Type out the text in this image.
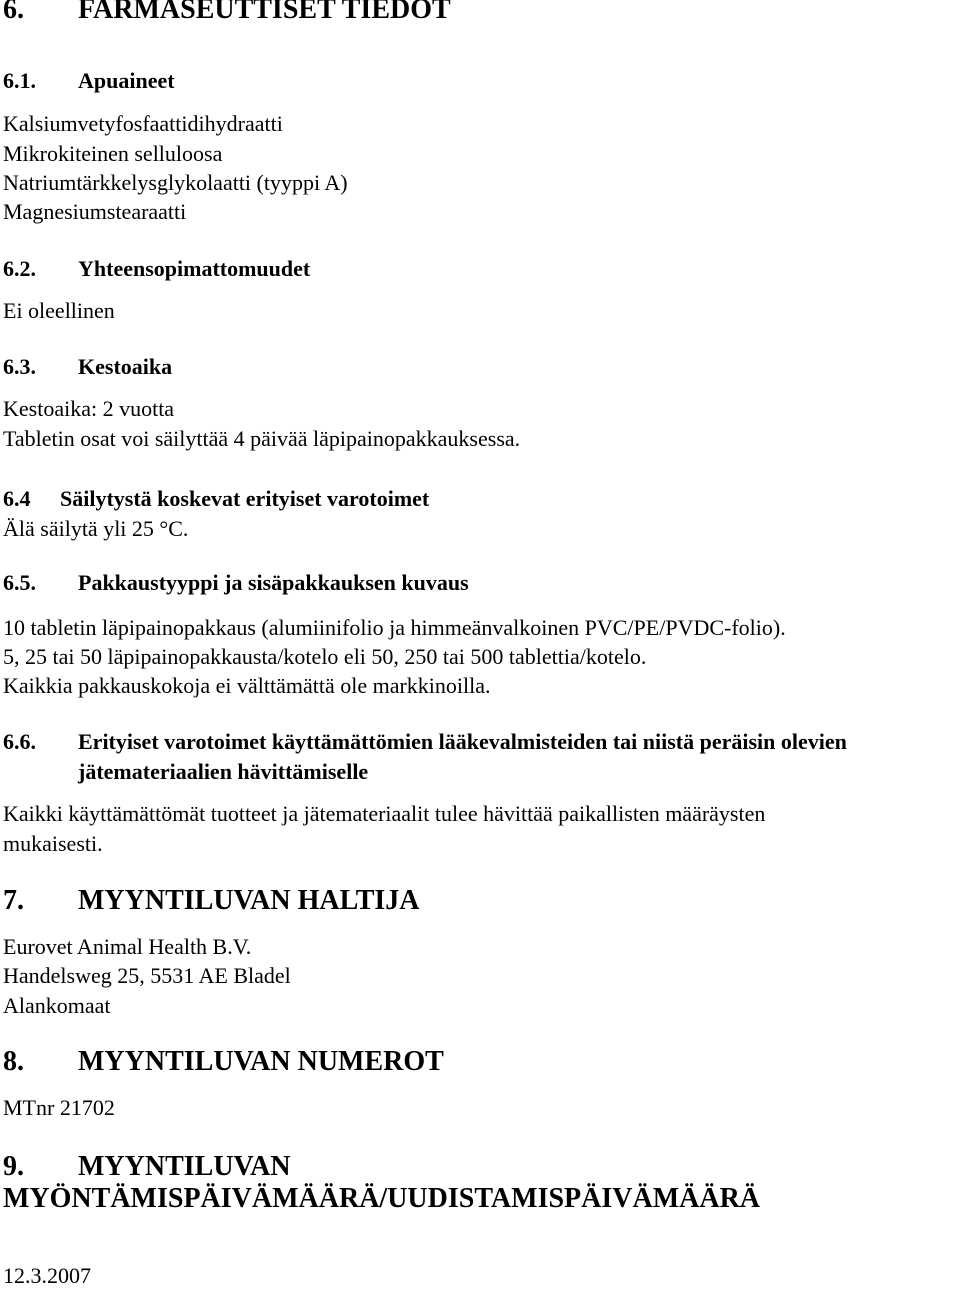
6. FARMASEUTTISET TIEDOT
6.1. Apuaineet
Kalsiumvetyfosfaattidihydraatti
Mikrokiteinen selluloosa
Natriumtärkkelysglykolaatti (tyyppi A)
Magnesiumstearaatti
6.2. Yhteensopimattomuudet
Ei oleellinen
6.3. Kestoaika
Kestoaika: 2 vuotta
Tabletin osat voi säilyttää 4 päivää läpipainopakkauksessa.
6.4 Säilytystä koskevat erityiset varotoimet
Älä säilytä yli 25 °C.
6.5. Pakkaustyyppi ja sisäpakkauksen kuvaus
10 tabletin läpipainopakkaus (alumiinifolio ja himmeänvalkoinen PVC/PE/PVDC-folio).
5, 25 tai 50 läpipainopakkausta/kotelo eli 50, 250 tai 500 tablettia/kotelo.
Kaikkia pakkauskokoja ei välttämättä ole markkinoilla.
6.6. Erityiset varotoimet käyttämättömien lääkevalmisteiden tai niistä peräisin olevien
jätemateriaalien hävittämiselle
Kaikki käyttämättömät tuotteet ja jätemateriaalit tulee hävittää paikallisten määräysten
mukaisesti.
7. MYYNTILUVAN HALTIJA
Eurovet Animal Health B.V.
Handelsweg 25, 5531 AE Bladel
Alankomaat
8. MYYNTILUVAN NUMEROT
MTnr 21702
9. MYYNTILUVAN
MYÖNTÄMISPÄIVÄMÄÄRÄ/UUDISTAMISPÄIVÄMÄÄRÄ
12.3.2007
